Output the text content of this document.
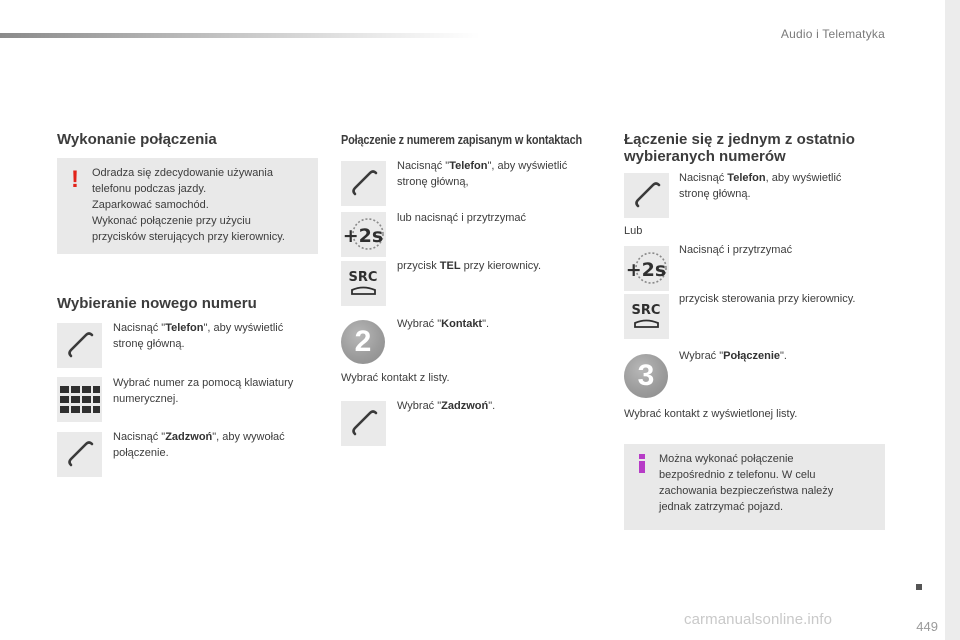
Audio i Telematyka
Wykonanie połączenia
! Odradza się zdecydowanie używania
telefonu podczas jazdy.
Zaparkować samochód.
Wykonać połączenie przy użyciu
przycisków sterujących przy kierownicy.
Wybieranie nowego numeru
Nacisnąć "Telefon", aby wyświetlić
stronę główną.
Wybrać numer za pomocą klawiatury
numerycznej.
Nacisnąć "Zadzwoń", aby wywołać
połączenie.
Połączenie z numerem zapisanym w kontaktach
Nacisnąć "Telefon", aby wyświetlić
stronę główną,
+2s
lub nacisnąć i przytrzymać
SRC
przycisk TEL przy kierownicy.
2
Wybrać "Kontakt".
Wybrać kontakt z listy.
Wybrać "Zadzwoń".
Łączenie się z jednym z ostatnio
wybieranych numerów
Nacisnąć Telefon, aby wyświetlić
stronę główną.
Lub
+2s
Nacisnąć i przytrzymać
SRC
przycisk sterowania przy kierownicy.
3
Wybrać "Połączenie".
Wybrać kontakt z wyświetlonej listy.
Można wykonać połączenie
bezpośrednio z telefonu. W celu
zachowania bezpieczeństwa należy
jednak zatrzymać pojazd.
carmanualsonline.info	449
